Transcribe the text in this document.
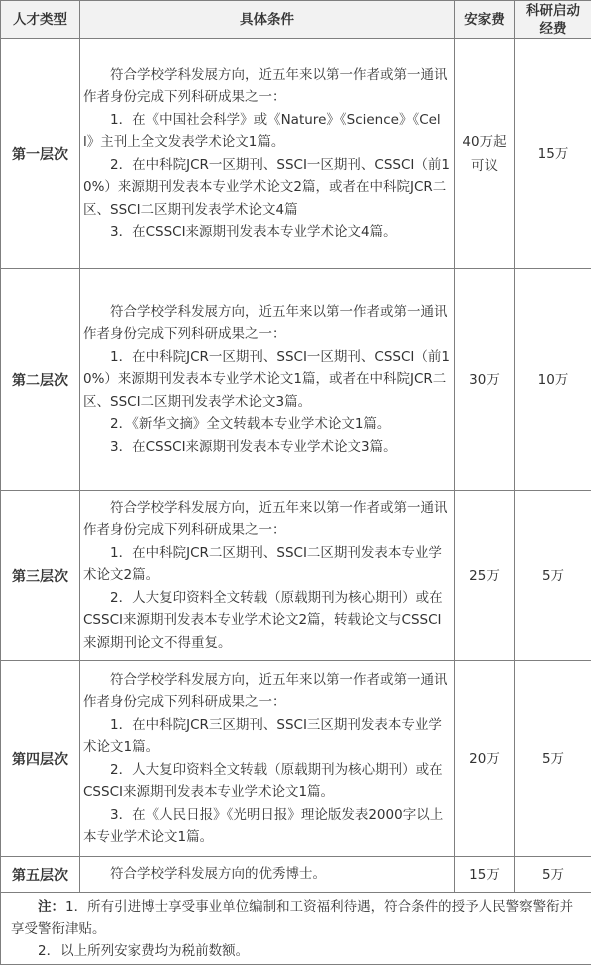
人才类型	具体条件	安家费	科研启动经费
第一层次	符合学校学科发展方向，近五年来以第一作者或第一通讯作者身份完成下列科研成果之一：

1．在《中国社会科学》或《Nature》《Science》《Cell》主刊上全文发表学术论文1篇。

2．在中科院JCR一区期刊、SSCI一区期刊、CSSCI（前10%）来源期刊发表本专业学术论文2篇，或者在中科院JCR二区、SSCI二区期刊发表学术论文4篇

3．在CSSCI来源期刊发表本专业学术论文4篇。	40万起可议	15万
第二层次	符合学校学科发展方向，近五年来以第一作者或第一通讯作者身份完成下列科研成果之一：

1．在中科院JCR一区期刊、SSCI一区期刊、CSSCI（前10%）来源期刊发表本专业学术论文1篇，或者在中科院JCR二区、SSCI二区期刊发表学术论文3篇。

2．《新华文摘》全文转载本专业学术论文1篇。

3．在CSSCI来源期刊发表本专业学术论文3篇。	30万	10万
第三层次	符合学校学科发展方向，近五年来以第一作者或第一通讯作者身份完成下列科研成果之一：

1．在中科院JCR二区期刊、SSCI二区期刊发表本专业学术论文2篇。

2．人大复印资料全文转载（原载期刊为核心期刊）或在CSSCI来源期刊发表本专业学术论文2篇，转载论文与CSSCI来源期刊论文不得重复。	25万	5万
第四层次	符合学校学科发展方向，近五年来以第一作者或第一通讯作者身份完成下列科研成果之一：

1．在中科院JCR三区期刊、SSCI三区期刊发表本专业学术论文1篇。

2．人大复印资料全文转载（原载期刊为核心期刊）或在CSSCI来源期刊发表本专业学术论文1篇。

3．在《人民日报》《光明日报》理论版发表2000字以上本专业学术论文1篇。	20万	5万
第五层次	符合学校学科发展方向的优秀博士。	15万	5万

注：1．所有引进博士享受事业单位编制和工资福利待遇，符合条件的授予人民警察警衔并享受警衔津贴。

2．以上所列安家费均为税前数额。			
